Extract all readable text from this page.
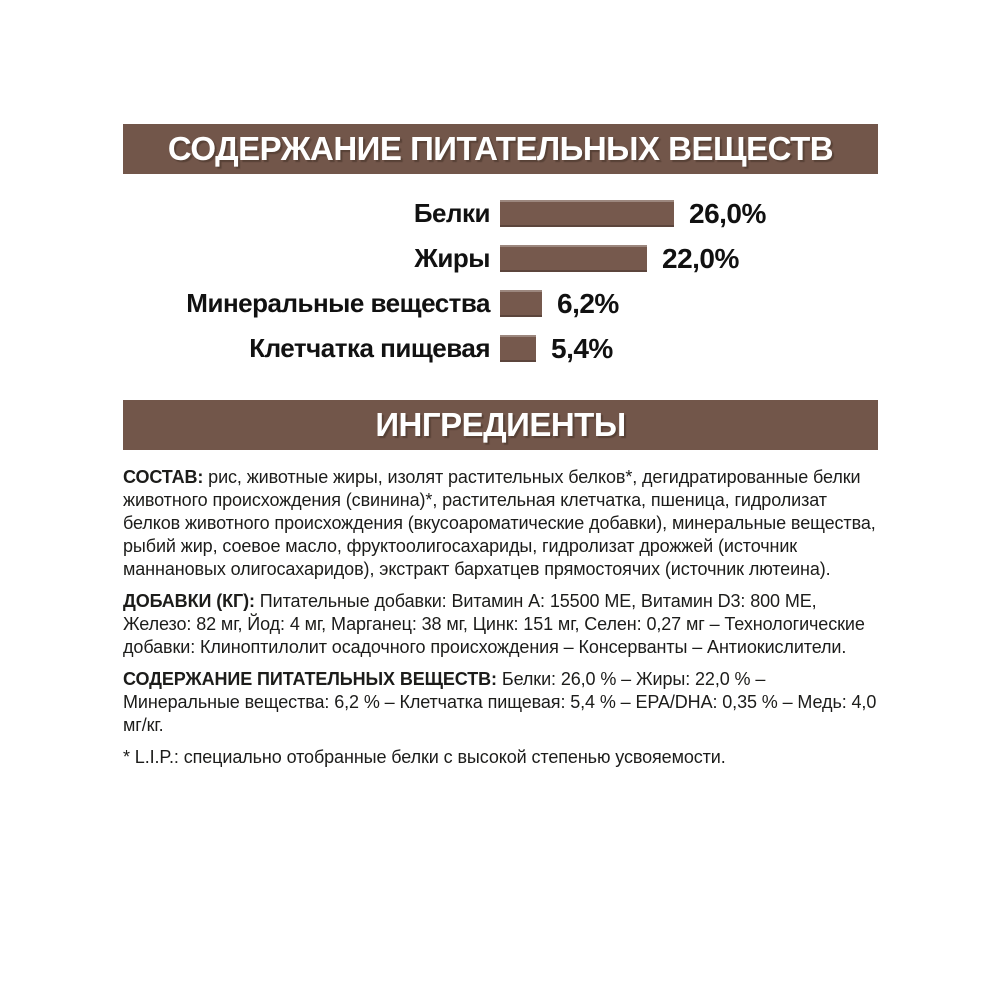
СОДЕРЖАНИЕ ПИТАТЕЛЬНЫХ ВЕЩЕСТВ
Белки	26,0%
Жиры	22,0%
Минеральные вещества 6,2%
Клетчатка пищевая 5,4%
ИНГРЕДИЕНТЫ

СОСТАВ: рис, животные жиры, изолят растительных белков*, дегидратированные белки животного происхождения (свинина)*, растительная клетчатка, пшеница, гидролизат белков животного происхождения (вкусоароматические добавки), минеральные вещества, рыбий жир, соевое масло, фруктоолигосахариды, гидролизат дрожжей (источник маннановых олигосахаридов), экстракт бархатцев прямостоячих (источник лютеина).

ДОБАВКИ (КГ): Питательные добавки: Витамин A: 15500 МЕ, Витамин D3: 800 МЕ, Железо: 82 мг, Йод: 4 мг, Марганец: 38 мг, Цинк: 151 мг, Селен: 0,27 мг – Технологические добавки: Клиноптилолит осадочного происхождения – Консерванты – Антиокислители.

СОДЕРЖАНИЕ ПИТАТЕЛЬНЫХ ВЕЩЕСТВ: Белки: 26,0 % – Жиры: 22,0 % – Минеральные вещества: 6,2 % – Клетчатка пищевая: 5,4 % – EPA/DHA: 0,35 % – Медь: 4,0 мг/кг.

* L.I.P.: специально отобранные белки с высокой степенью усвояемости.
